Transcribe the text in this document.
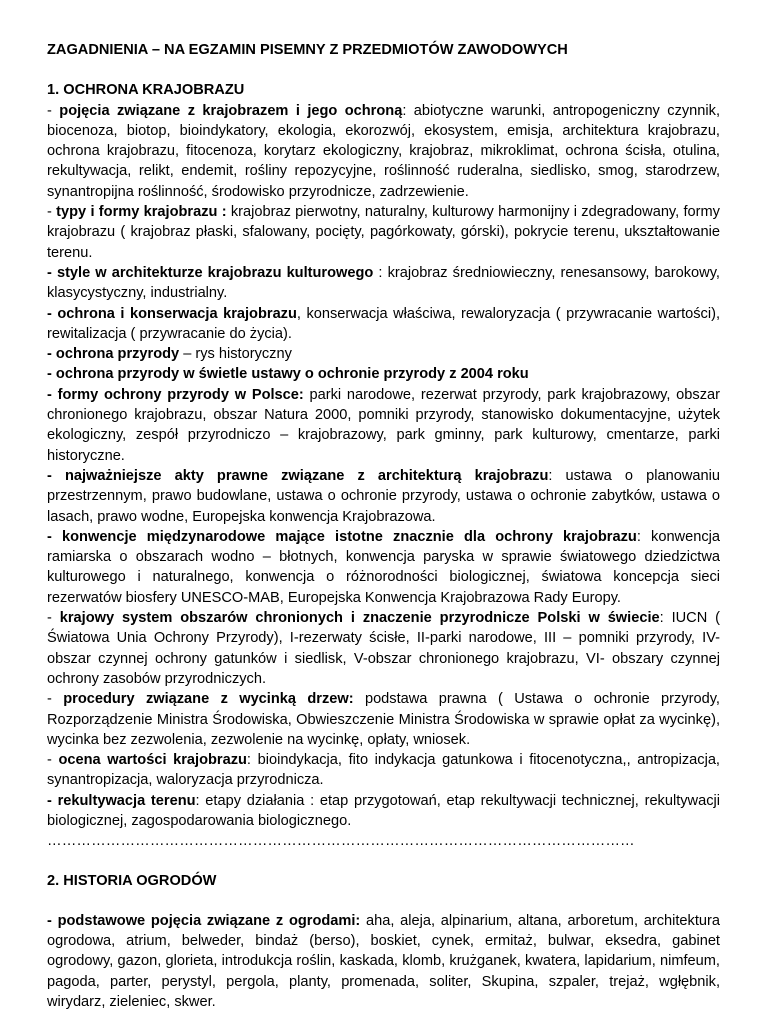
ZAGADNIENIA – NA EGZAMIN PISEMNY Z PRZEDMIOTÓW ZAWODOWYCH

1. OCHRONA KRAJOBRAZU

- pojęcia związane z krajobrazem i jego ochroną: abiotyczne warunki, antropogeniczny czynnik, biocenoza, biotop, bioindykatory, ekologia, ekorozwój, ekosystem, emisja, architektura krajobrazu, ochrona krajobrazu, fitocenoza, korytarz ekologiczny, krajobraz, mikroklimat, ochrona ścisła, otulina, rekultywacja, relikt, endemit, rośliny repozycyjne, roślinność ruderalna, siedlisko, smog, starodrzew, synantropijna roślinność, środowisko przyrodnicze, zadrzewienie.

- typy i formy krajobrazu : krajobraz pierwotny, naturalny, kulturowy harmonijny i zdegradowany, formy krajobrazu ( krajobraz płaski, sfalowany, pocięty, pagórkowaty, górski), pokrycie terenu, ukształtowanie terenu.

- style w architekturze krajobrazu kulturowego : krajobraz średniowieczny, renesansowy, barokowy, klasycystyczny, industrialny.

- ochrona i konserwacja krajobrazu, konserwacja właściwa, rewaloryzacja ( przywracanie wartości), rewitalizacja ( przywracanie do życia).

- ochrona przyrody – rys historyczny

- ochrona przyrody w świetle ustawy o ochronie przyrody z 2004 roku

- formy ochrony przyrody w Polsce: parki narodowe, rezerwat przyrody, park krajobrazowy, obszar chronionego krajobrazu, obszar Natura 2000, pomniki przyrody, stanowisko dokumentacyjne, użytek ekologiczny, zespół przyrodniczo – krajobrazowy, park gminny, park kulturowy, cmentarze, parki historyczne.

- najważniejsze akty prawne związane z architekturą krajobrazu: ustawa o planowaniu przestrzennym, prawo budowlane, ustawa o ochronie przyrody, ustawa o ochronie zabytków, ustawa o lasach, prawo wodne, Europejska konwencja Krajobrazowa.

- konwencje międzynarodowe mające istotne znacznie dla ochrony krajobrazu: konwencja ramiarska o obszarach wodno – błotnych, konwencja paryska w sprawie światowego dziedzictwa kulturowego i naturalnego, konwencja o różnorodności biologicznej, światowa koncepcja sieci rezerwatów biosfery UNESCO-MAB, Europejska Konwencja Krajobrazowa Rady Europy.

- krajowy system obszarów chronionych i znaczenie przyrodnicze Polski w świecie: IUCN ( Światowa Unia Ochrony Przyrody), I-rezerwaty ścisłe, II-parki narodowe, III – pomniki przyrody, IV-obszar czynnej ochrony gatunków i siedlisk, V-obszar chronionego krajobrazu, VI- obszary czynnej ochrony zasobów przyrodniczych.

- procedury związane z wycinką drzew: podstawa prawna ( Ustawa o ochronie przyrody, Rozporządzenie Ministra Środowiska, Obwieszczenie Ministra Środowiska w sprawie opłat za wycinkę), wycinka bez zezwolenia, zezwolenie na wycinkę, opłaty, wniosek.

- ocena wartości krajobrazu: bioindykacja, fito indykacja gatunkowa i fitocenotyczna,, antropizacja, synantropizacja, waloryzacja przyrodnicza.

- rekultywacja terenu: etapy działania : etap przygotowań, etap rekultywacji technicznej, rekultywacji biologicznej, zagospodarowania biologicznego.

…………………………………………………………………………………………………………

2. HISTORIA OGRODÓW

- podstawowe pojęcia związane z ogrodami: aha, aleja, alpinarium, altana, arboretum, architektura ogrodowa, atrium, belweder, bindaż (berso), boskiet, cynek, ermitaż, bulwar, eksedra, gabinet ogrodowy, gazon, glorieta, introdukcja roślin, kaskada, klomb, krużganek, kwatera, lapidarium, nimfeum, pagoda, parter, perystyl, pergola, planty, promenada, soliter, Skupina, szpaler, trejaż, wgłębnik, wirydarz, zieleniec, skwer.
